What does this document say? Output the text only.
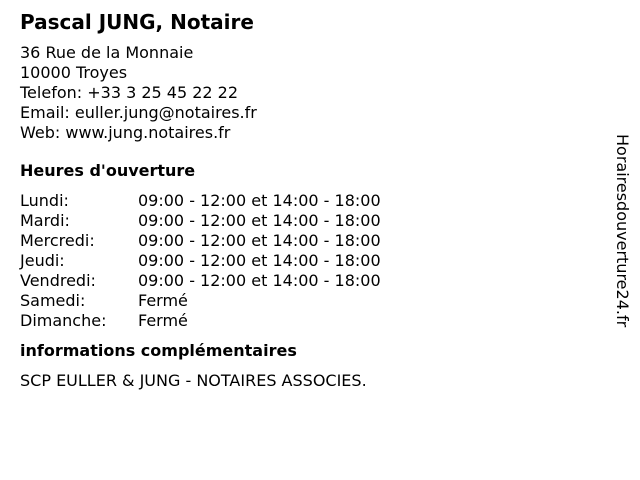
Pascal JUNG, Notaire
36 Rue de la Monnaie
10000 Troyes
Telefon: +33 3 25 45 22 22
Email: euller.jung@notaires.fr
Web: www.jung.notaires.fr
Heures d'ouverture
Lundi:	09:00 - 12:00 et 14:00 - 18:00
Mardi:	09:00 - 12:00 et 14:00 - 18:00
Mercredi:	09:00 - 12:00 et 14:00 - 18:00
Jeudi:	09:00 - 12:00 et 14:00 - 18:00
Vendredi:	09:00 - 12:00 et 14:00 - 18:00
Samedi:	Fermé
Dimanche:	Fermé
informations complémentaires
SCP EULLER & JUNG - NOTAIRES ASSOCIES.
Horairesdouverture24.fr
